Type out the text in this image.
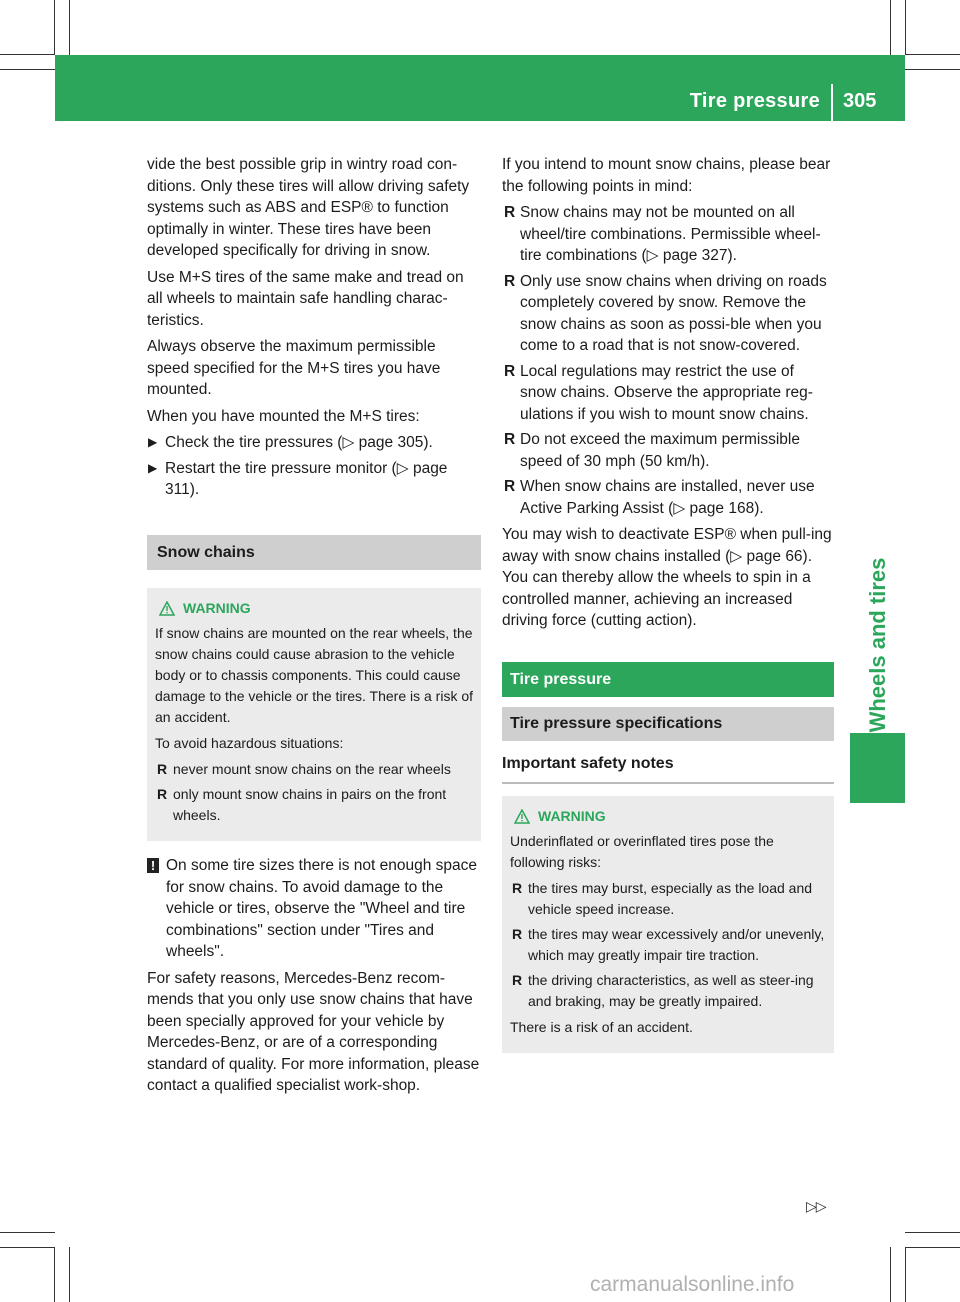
Tire pressure 305
Wheels and tires

vide the best possible grip in wintry road con-ditions. Only these tires will allow driving safety systems such as ABS and ESP® to function optimally in winter. These tires have been developed specifically for driving in snow.

Use M+S tires of the same make and tread on all wheels to maintain safe handling charac-teristics.

Always observe the maximum permissible speed specified for the M+S tires you have mounted.

When you have mounted the M+S tires:

▶ Check the tire pressures (▷ page 305).
▶ Restart the tire pressure monitor (▷ page 311).
Snow chains
WARNING

If snow chains are mounted on the rear wheels, the snow chains could cause abrasion to the vehicle body or to chassis components. This could cause damage to the vehicle or the tires. There is a risk of an accident.

To avoid hazardous situations:

R never mount snow chains on the rear wheels
R only mount snow chains in pairs on the front wheels.

! On some tire sizes there is not enough space for snow chains. To avoid damage to the vehicle or tires, observe the "Wheel and tire combinations" section under "Tires and wheels".

For safety reasons, Mercedes-Benz recom-mends that you only use snow chains that have been specially approved for your vehicle by Mercedes-Benz, or are of a corresponding standard of quality. For more information, please contact a qualified specialist work-shop.

If you intend to mount snow chains, please bear the following points in mind:

R Snow chains may not be mounted on all wheel/tire combinations. Permissible wheel-tire combinations (▷ page 327).
R Only use snow chains when driving on roads completely covered by snow. Remove the snow chains as soon as possi-ble when you come to a road that is not snow-covered.
R Local regulations may restrict the use of snow chains. Observe the appropriate reg-ulations if you wish to mount snow chains.
R Do not exceed the maximum permissible speed of 30 mph (50 km/h).
R When snow chains are installed, never use Active Parking Assist (▷ page 168).

You may wish to deactivate ESP® when pull-ing away with snow chains installed (▷ page 66). You can thereby allow the wheels to spin in a controlled manner, achieving an increased driving force (cutting action).

Tire pressure
Tire pressure specifications
Important safety notes
WARNING

Underinflated or overinflated tires pose the following risks:

R the tires may burst, especially as the load and vehicle speed increase.
R the tires may wear excessively and/or unevenly, which may greatly impair tire traction.
R the driving characteristics, as well as steer-ing and braking, may be greatly impaired.

There is a risk of an accident.

▷▷
carmanualsonline.info
